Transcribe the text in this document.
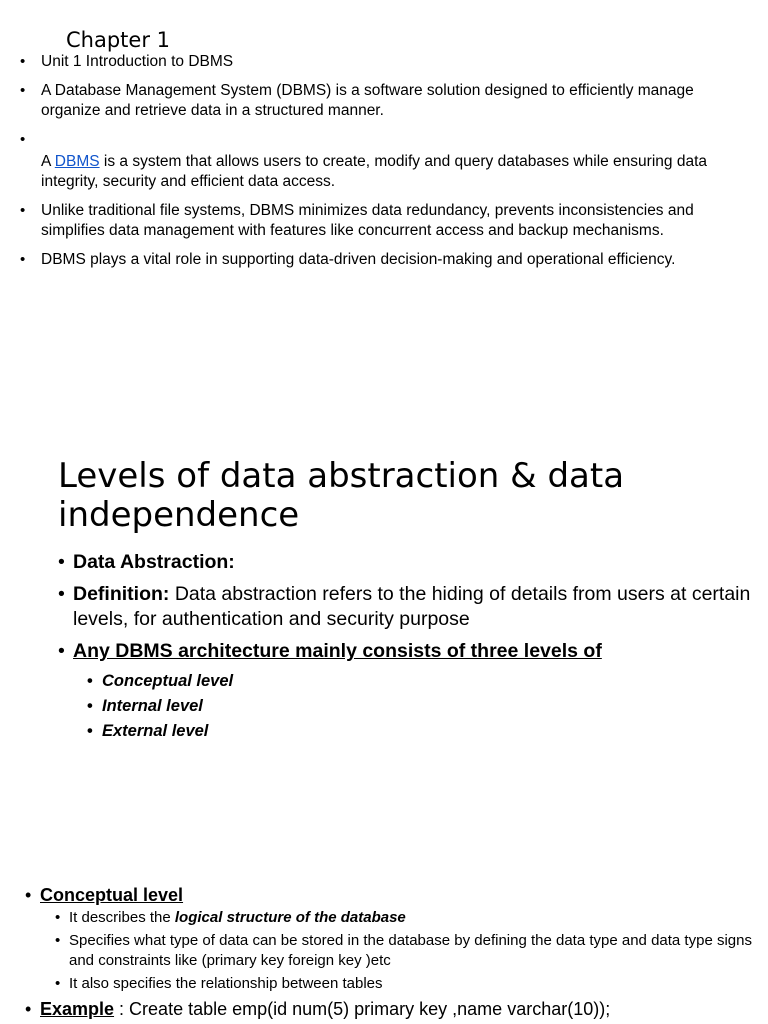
Chapter 1
• Unit 1 Introduction to DBMS
• A Database Management System (DBMS) is a software solution designed to efficiently manage organize and retrieve data in a structured manner.
•
A DBMS is a system that allows users to create, modify and query databases while ensuring data integrity, security and efficient data access.
• Unlike traditional file systems, DBMS minimizes data redundancy, prevents inconsistencies and simplifies data management with features like concurrent access and backup mechanisms.
• DBMS plays a vital role in supporting data-driven decision-making and operational efficiency.
Levels of data abstraction & data independence
• Data Abstraction:
• Definition: Data abstraction refers to the hiding of details from users at certain levels, for authentication and security purpose
• Any DBMS architecture mainly consists of three levels of
• Conceptual level
• Internal level
• External level
• Conceptual level
• It describes the logical structure of the database
• Specifies what type of data can be stored in the database by defining the data type and data type signs and constraints like (primary key foreign key )etc
• It also specifies the relationship between tables
• Example : Create table emp(id num(5) primary key ,name varchar(10));
